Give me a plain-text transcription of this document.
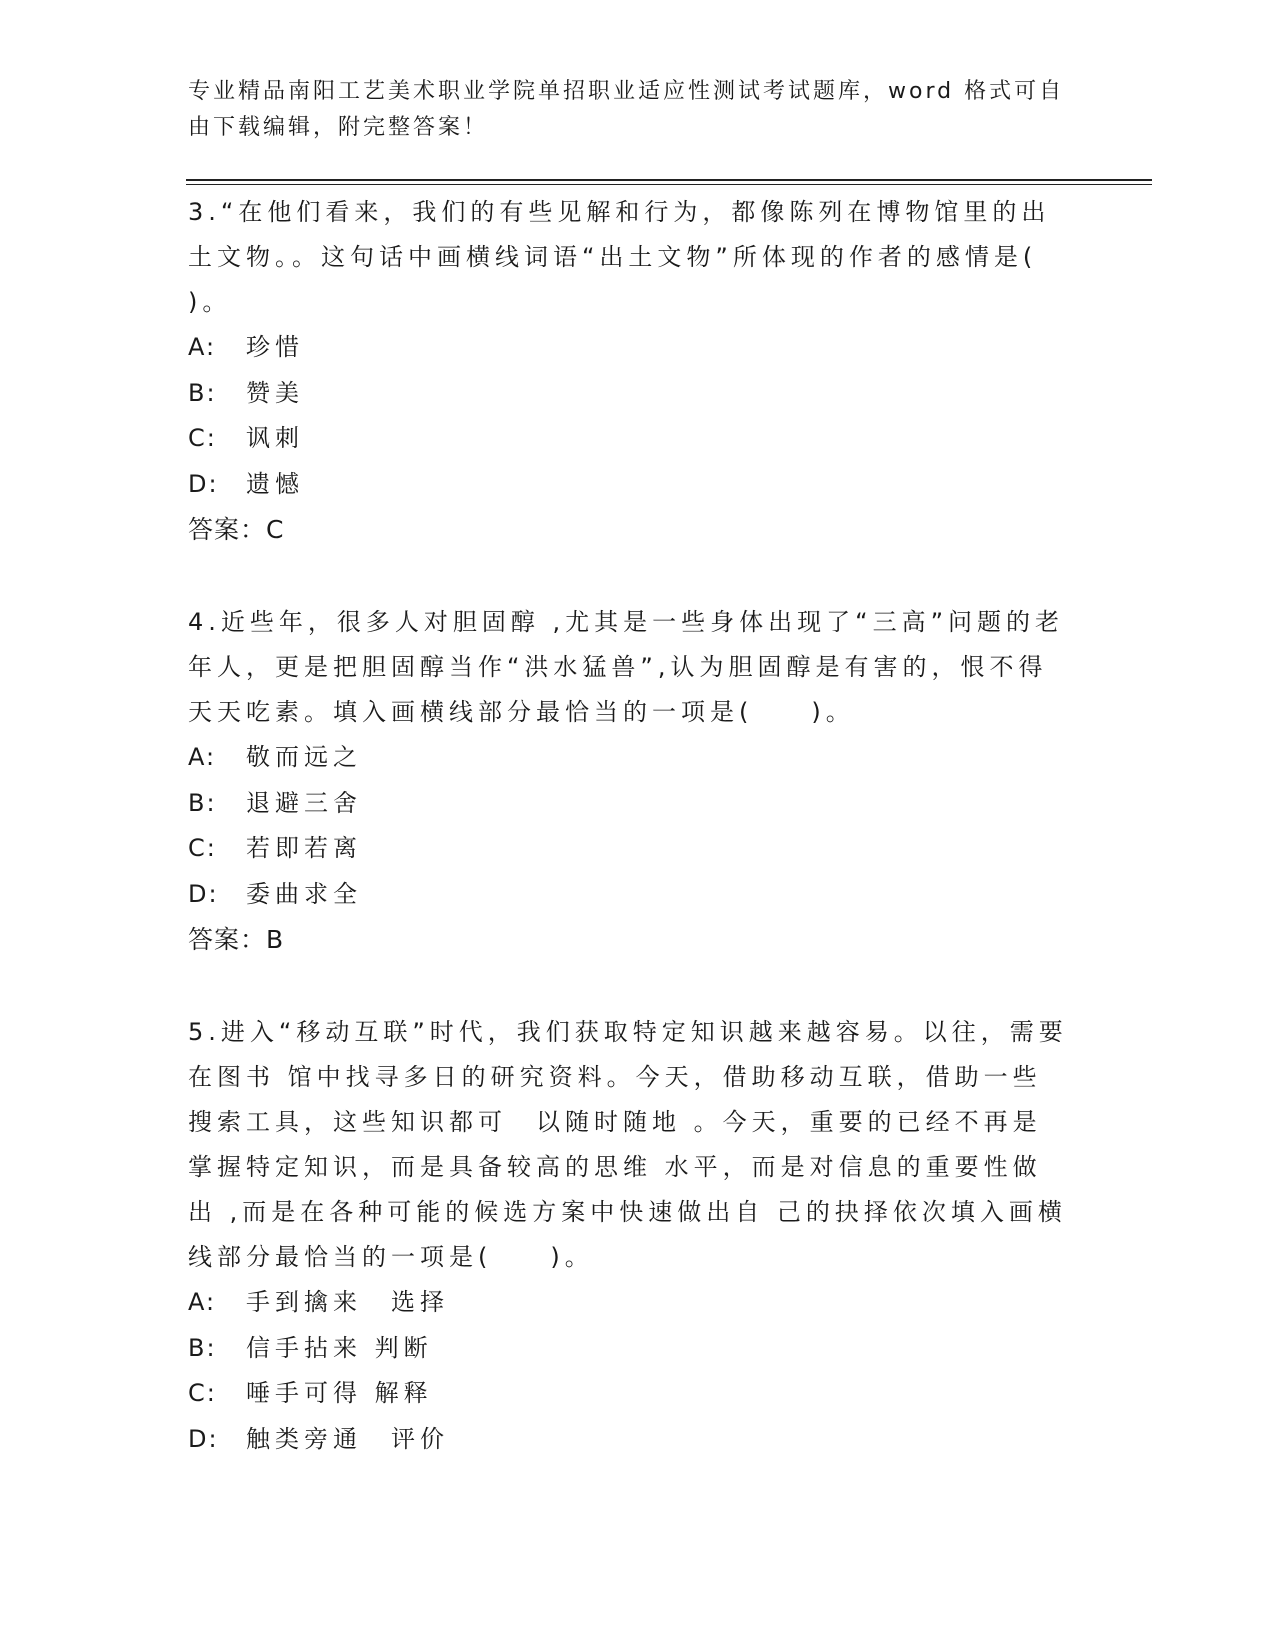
专业精品南阳工艺美术职业学院单招职业适应性测试考试题库，word 格式可自由下载编辑，附完整答案！

3.“在他们看来，我们的有些见解和行为，都像陈列在博物馆里的出土文物。。这句话中画横线词语“出土文物”所体现的作者的感情是( )。

A:	珍惜
B:	赞美
C:	讽刺
D:	遗憾

答案：C

4.近些年，很多人对胆固醇 ,尤其是一些身体出现了“三高”问题的老 年人，更是把胆固醇当作“洪水猛兽”,认为胆固醇是有害的，恨不得天天吃素。填入画横线部分最恰当的一项是(　　)。

A:	敬而远之
B:	退避三舍
C:	若即若离
D:	委曲求全

答案：B

5.进入“移动互联”时代，我们获取特定知识越来越容易。以往，需要在图书 馆中找寻多日的研究资料。今天，借助移动互联，借助一些搜索工具，这些知识都可　以随时随地 。今天，重要的已经不再是掌握特定知识，而是具备较高的思维 水平，而是对信息的重要性做出 ,而是在各种可能的候选方案中快速做出自 己的抉择依次填入画横线部分最恰当的一项是(　　)。

A:	手到擒来　选择
B:	信手拈来 判断
C:	唾手可得 解释
D:	触类旁通　评价
